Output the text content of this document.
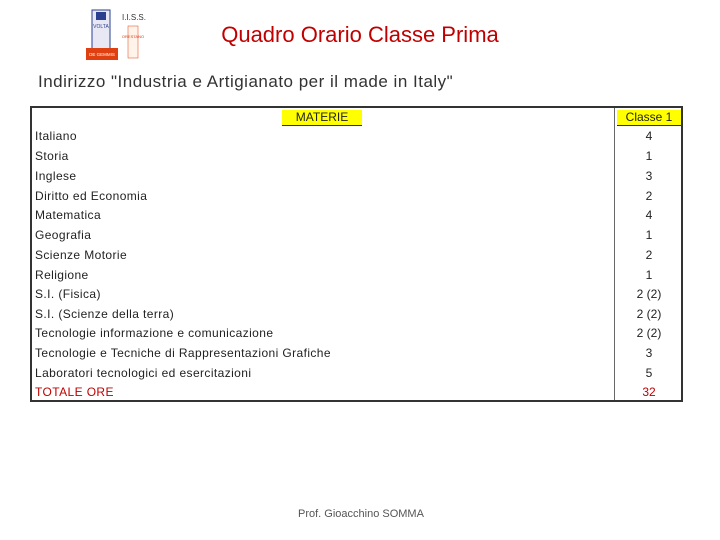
VOLTA
DE GEMMIS
I.I.S.S.
ORESTANO	Quadro Orario Classe Prima
Indirizzo "Industria e Artigianato per il made in Italy"
MATERIE
Italiano
Storia
Inglese
Diritto ed Economia
Matematica
Geografia
Scienze Motorie
Religione
S.I. (Fisica)
S.I. (Scienze della terra)
Tecnologie informazione e comunicazione
Tecnologie e Tecniche di Rappresentazioni Grafiche
Laboratori tecnologici ed esercitazioni
TOTALE ORE
Classe 1
4
1
3
2
4
1
2
1
2 (2)
2 (2)
2 (2)
3
5
32
Prof. Gioacchino SOMMA
